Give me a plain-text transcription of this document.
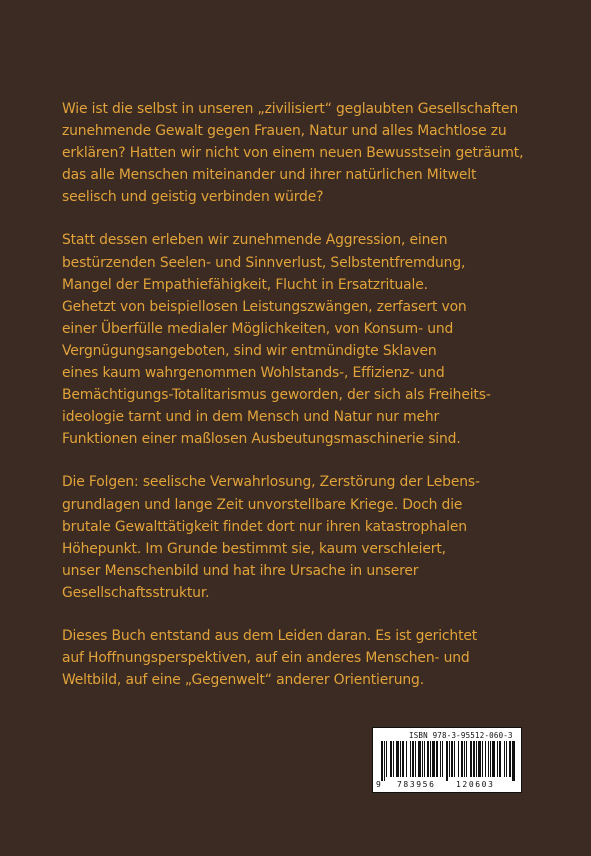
Wie ist die selbst in unseren „zivilisiert“ geglaubten Gesellschaften
zunehmende Gewalt gegen Frauen, Natur und alles Machtlose zu
erklären? Hatten wir nicht von einem neuen Bewusstsein geträumt,
das alle Menschen miteinander und ihrer natürlichen Mitwelt
seelisch und geistig verbinden würde?
Statt dessen erleben wir zunehmende Aggression, einen
bestürzenden Seelen- und Sinnverlust, Selbstentfremdung,
Mangel der Empathiefähigkeit, Flucht in Ersatzrituale.
Gehetzt von beispiellosen Leistungszwängen, zerfasert von
einer Überfülle medialer Möglichkeiten, von Konsum- und
Vergnügungsangeboten, sind wir entmündigte Sklaven
eines kaum wahrgenommen Wohlstands-, Effizienz- und
Bemächtigungs-Totalitarismus geworden, der sich als Freiheits-
ideologie tarnt und in dem Mensch und Natur nur mehr
Funktionen einer maßlosen Ausbeutungsmaschinerie sind.
Die Folgen: seelische Verwahrlosung, Zerstörung der Lebens-
grundlagen und lange Zeit unvorstellbare Kriege. Doch die
brutale Gewalttätigkeit findet dort nur ihren katastrophalen
Höhepunkt. Im Grunde bestimmt sie, kaum verschleiert,
unser Menschenbild und hat ihre Ursache in unserer
Gesellschaftsstruktur.
Dieses Buch entstand aus dem Leiden daran. Es ist gerichtet
auf Hoffnungsperspektiven, auf ein anderes Menschen- und
Weltbild, auf eine „Gegenwelt“ anderer Orientierung.
ISBN 978-3-95512-060-3
9 783956	120603
